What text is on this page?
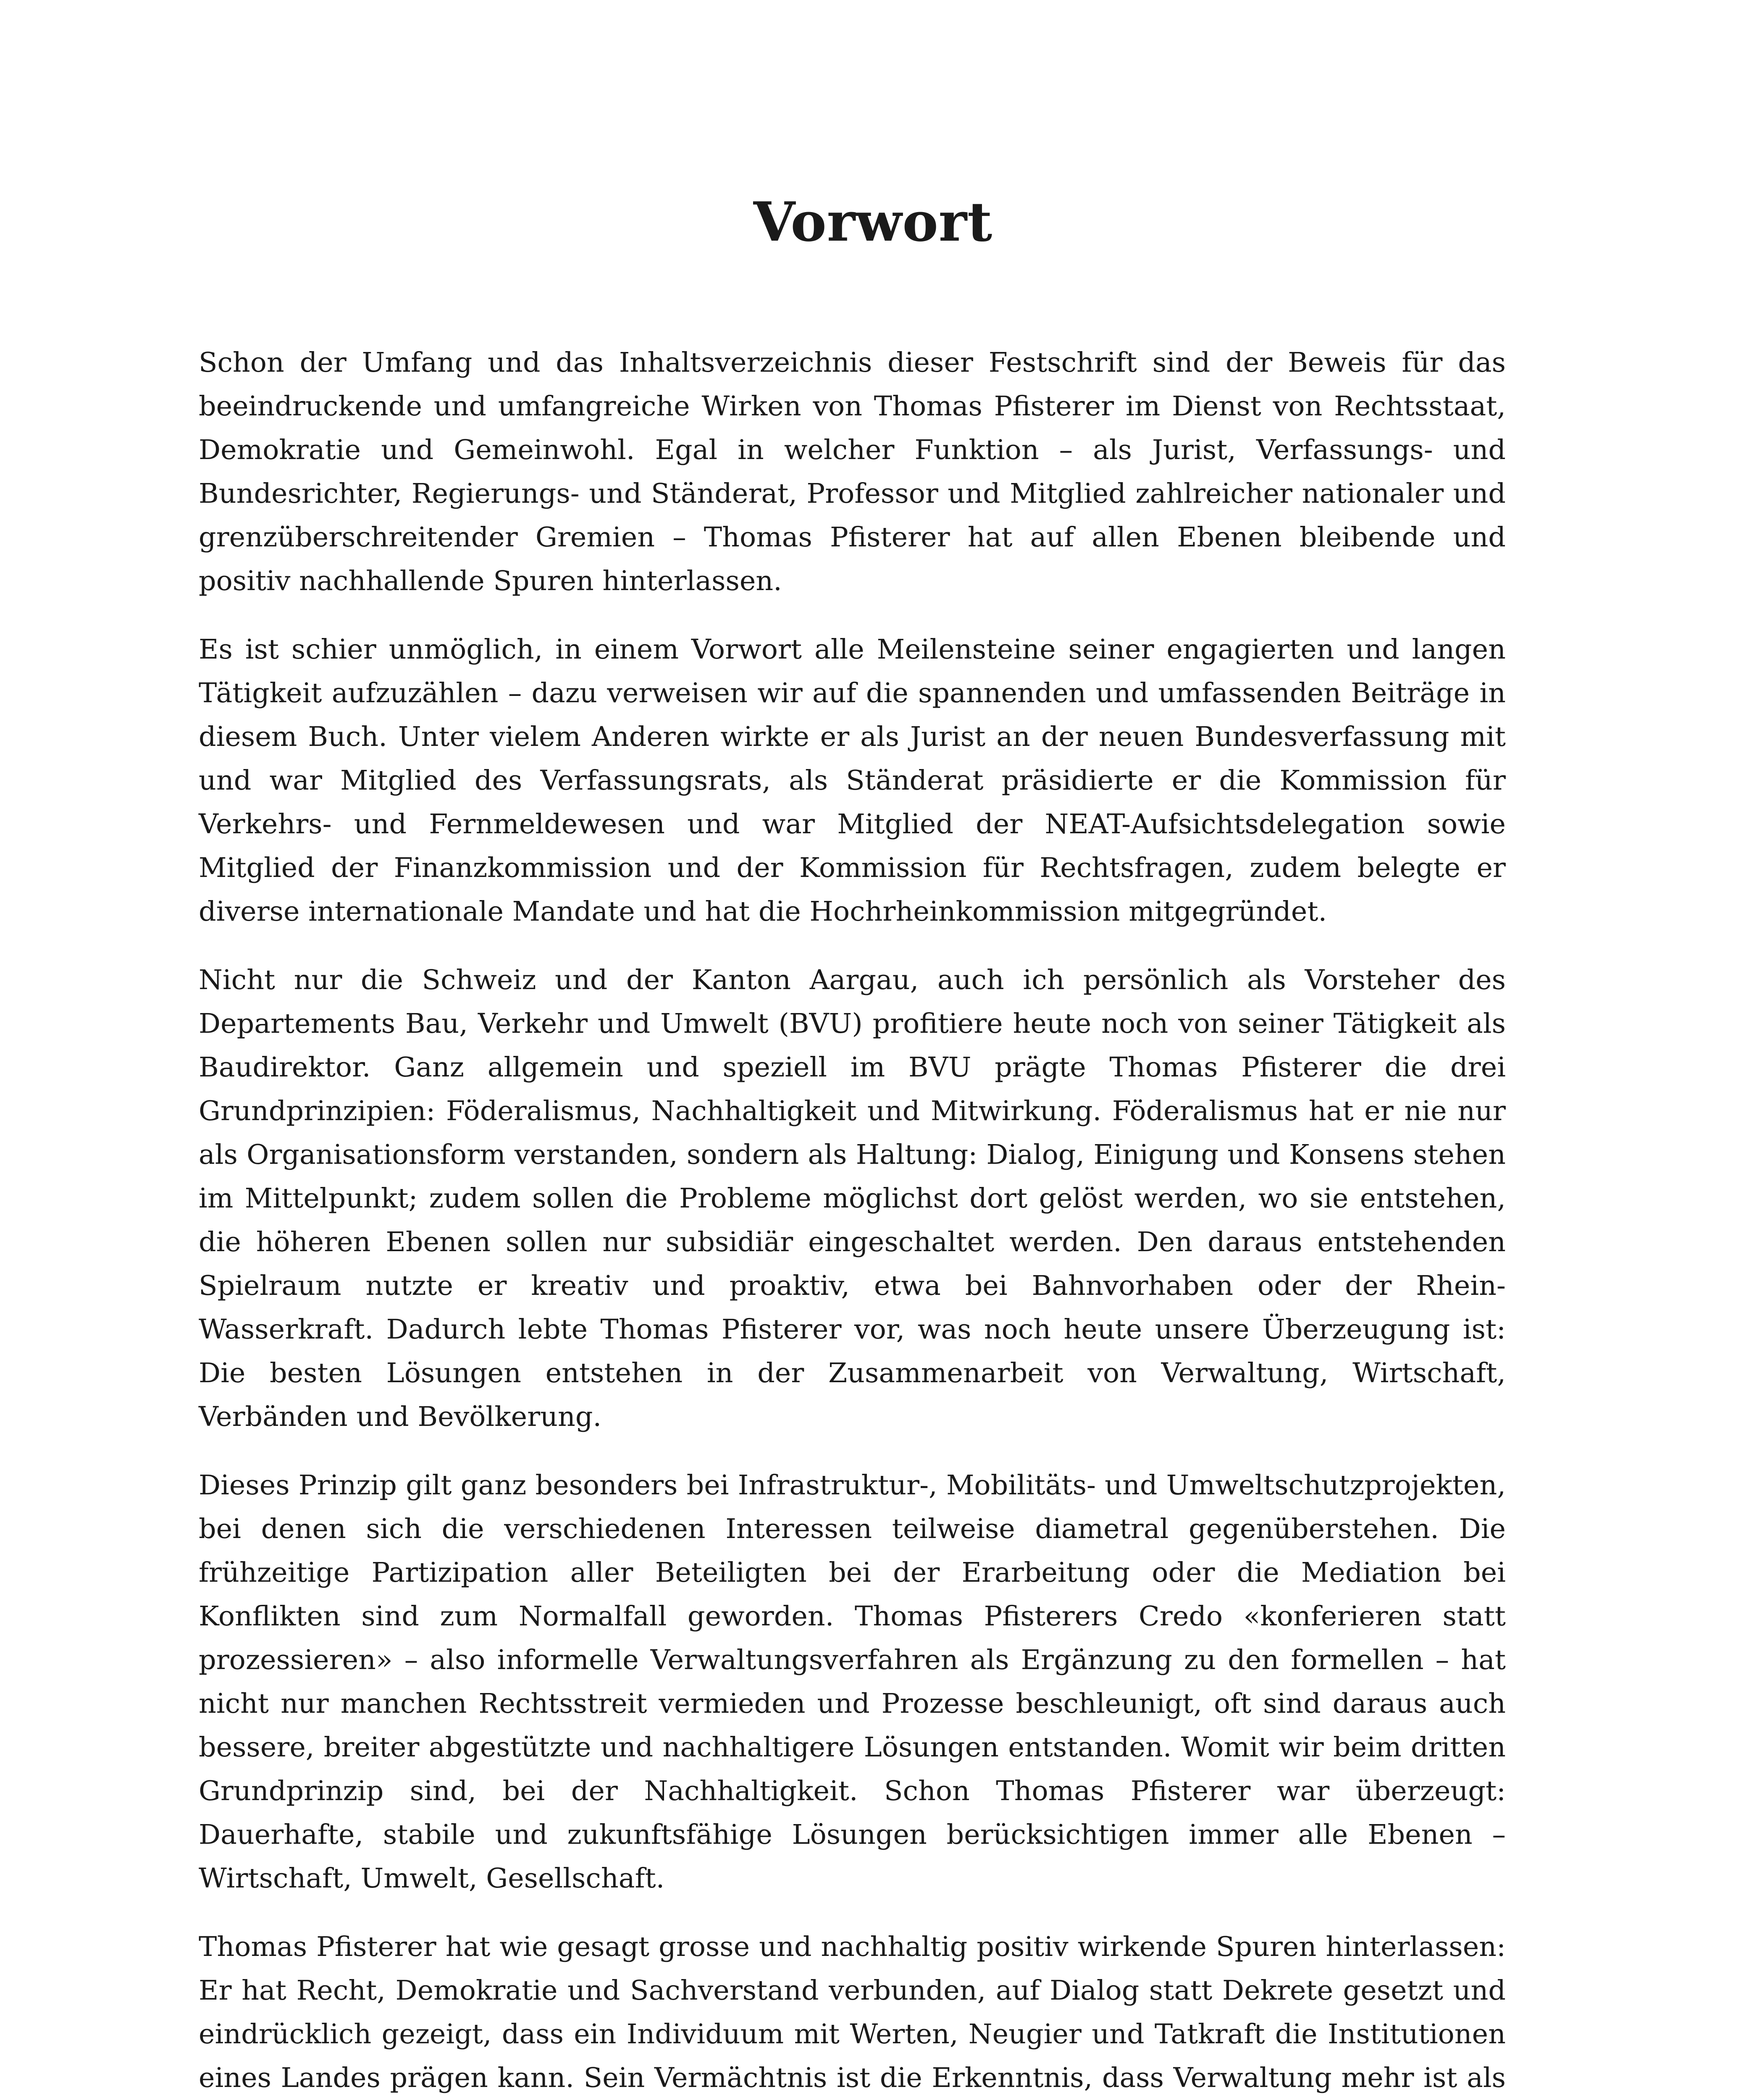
Vorwort

Schon der Umfang und das Inhaltsverzeichnis dieser Festschrift sind der Beweis für das beeindruckende und umfangreiche Wirken von Thomas Pfisterer im Dienst von Rechtsstaat, Demokratie und Gemeinwohl. Egal in welcher Funktion – als Jurist, Verfassungs- und Bundesrichter, Regierungs- und Ständerat, Professor und Mitglied zahlreicher nationaler und grenzüberschreitender Gremien – Thomas Pfisterer hat auf allen Ebenen bleibende und positiv nachhallende Spuren hinterlassen.

Es ist schier unmöglich, in einem Vorwort alle Meilensteine seiner engagierten und langen Tätigkeit aufzuzählen – dazu verweisen wir auf die spannenden und umfassenden Beiträge in diesem Buch. Unter vielem Anderen wirkte er als Jurist an der neuen Bundesverfassung mit und war Mitglied des Verfassungsrats, als Ständerat präsidierte er die Kommission für Verkehrs- und Fernmeldewesen und war Mitglied der NEAT-Aufsichtsdelegation sowie Mitglied der Finanzkommission und der Kommission für Rechtsfragen, zudem belegte er diverse internationale Mandate und hat die Hochrheinkommission mitgegründet.

Nicht nur die Schweiz und der Kanton Aargau, auch ich persönlich als Vorsteher des Departements Bau, Verkehr und Umwelt (BVU) profitiere heute noch von seiner Tätigkeit als Baudirektor. Ganz allgemein und speziell im BVU prägte Thomas Pfisterer die drei Grundprinzipien: Föderalismus, Nachhaltigkeit und Mitwirkung. Föderalismus hat er nie nur als Organisationsform verstanden, sondern als Haltung: Dialog, Einigung und Konsens stehen im Mittelpunkt; zudem sollen die Probleme möglichst dort gelöst werden, wo sie entstehen, die höheren Ebenen sollen nur subsidiär eingeschaltet werden. Den daraus entstehenden Spielraum nutzte er kreativ und proaktiv, etwa bei Bahnvorhaben oder der Rhein-Wasserkraft. Dadurch lebte Thomas Pfisterer vor, was noch heute unsere Überzeugung ist: Die besten Lösungen entstehen in der Zusammenarbeit von Verwaltung, Wirtschaft, Verbänden und Bevölkerung.

Dieses Prinzip gilt ganz besonders bei Infrastruktur-, Mobilitäts- und Umweltschutzprojekten, bei denen sich die verschiedenen Interessen teilweise diametral gegenüberstehen. Die frühzeitige Partizipation aller Beteiligten bei der Erarbeitung oder die Mediation bei Konflikten sind zum Normalfall geworden. Thomas Pfisterers Credo «konferieren statt prozessieren» – also informelle Verwaltungsverfahren als Ergänzung zu den formellen – hat nicht nur manchen Rechtsstreit vermieden und Prozesse beschleunigt, oft sind daraus auch bessere, breiter abgestützte und nachhaltigere Lösungen entstanden. Womit wir beim dritten Grundprinzip sind, bei der Nachhaltigkeit. Schon Thomas Pfisterer war überzeugt: Dauerhafte, stabile und zukunftsfähige Lösungen berücksichtigen immer alle Ebenen – Wirtschaft, Umwelt, Gesellschaft.

Thomas Pfisterer hat wie gesagt grosse und nachhaltig positiv wirkende Spuren hinterlassen: Er hat Recht, Demokratie und Sachverstand verbunden, auf Dialog statt Dekrete gesetzt und eindrücklich gezeigt, dass ein Individuum mit Werten, Neugier und Tatkraft die Institutionen eines Landes prägen kann. Sein Vermächtnis ist die Erkenntnis, dass Verwaltung mehr ist als
